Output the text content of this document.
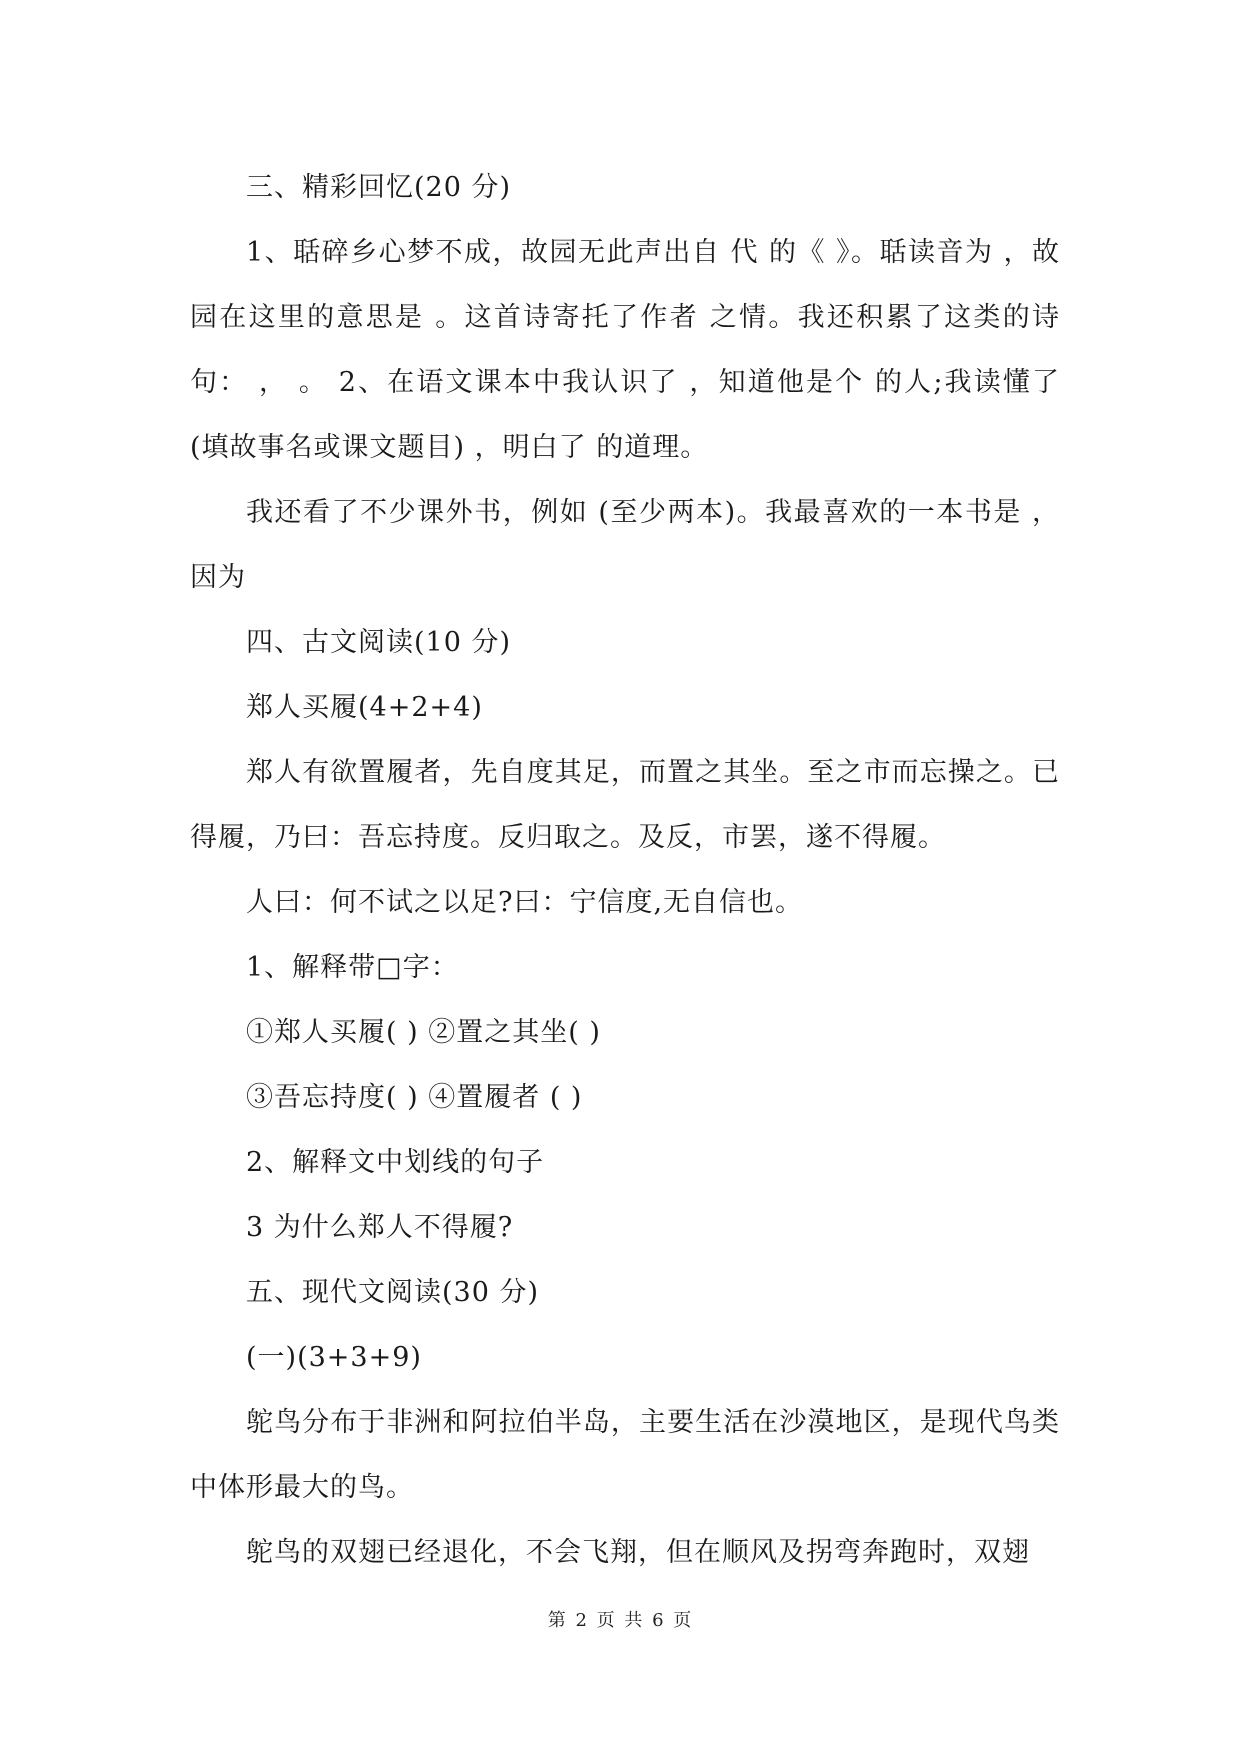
三、精彩回忆(20 分)

1、聒碎乡心梦不成，故园无此声出自 代 的《 》。聒读音为 ，故园在这里的意思是 。这首诗寄托了作者 之情。我还积累了这类的诗句： ， 。 2、在语文课本中我认识了 ，知道他是个 的人;我读懂了(填故事名或课文题目) ，明白了 的道理。

我还看了不少课外书，例如 (至少两本)。我最喜欢的一本书是 ，因为

四、古文阅读(10 分)

郑人买履(4+2+4)

郑人有欲置履者，先自度其足，而置之其坐。至之市而忘操之。已得履，乃曰：吾忘持度。反归取之。及反，市罢，遂不得履。

人曰：何不试之以足?曰：宁信度,无自信也。

1、解释带□字：

①郑人买履( ) ②置之其坐( )

③吾忘持度( ) ④置履者 ( )

2、解释文中划线的句子

3 为什么郑人不得履?

五、现代文阅读(30 分)

(一)(3+3+9)

鸵鸟分布于非洲和阿拉伯半岛，主要生活在沙漠地区，是现代鸟类中体形最大的鸟。

鸵鸟的双翅已经退化，不会飞翔，但在顺风及拐弯奔跑时，双翅

第 2 页 共 6 页
